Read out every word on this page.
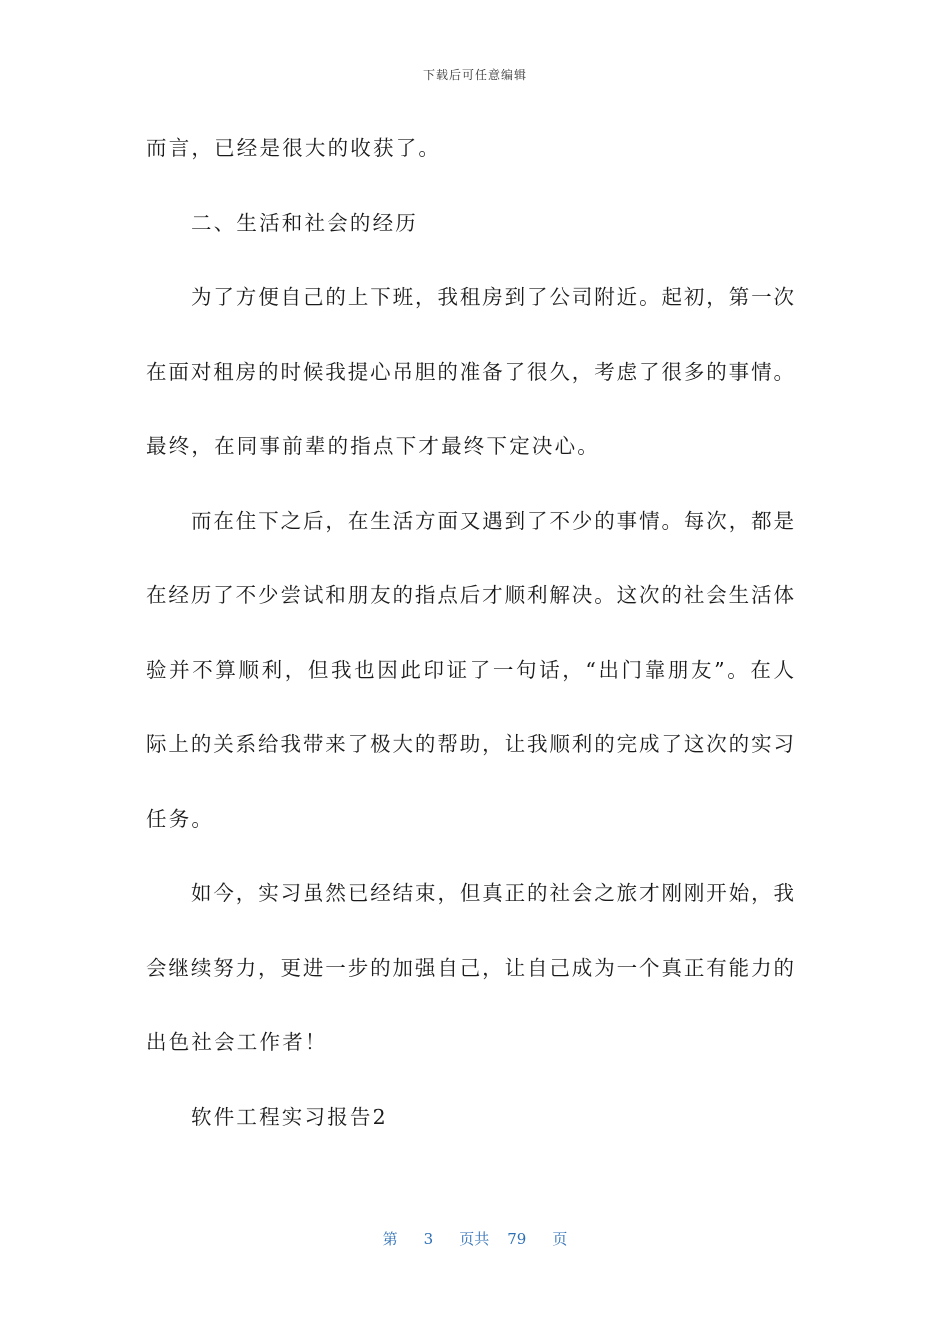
下载后可任意编辑
而言，已经是很大的收获了。
二、生活和社会的经历
为了方便自己的上下班，我租房到了公司附近。起初，第一次
在面对租房的时候我提心吊胆的准备了很久，考虑了很多的事情。
最终，在同事前辈的指点下才最终下定决心。
而在住下之后，在生活方面又遇到了不少的事情。每次，都是
在经历了不少尝试和朋友的指点后才顺利解决。这次的社会生活体
验并不算顺利，但我也因此印证了一句话，“出门靠朋友”。在人
际上的关系给我带来了极大的帮助，让我顺利的完成了这次的实习
任务。
如今，实习虽然已经结束，但真正的社会之旅才刚刚开始，我
会继续努力，更进一步的加强自己，让自己成为一个真正有能力的
出色社会工作者！
软件工程实习报告2
第 3 页共 79 页
